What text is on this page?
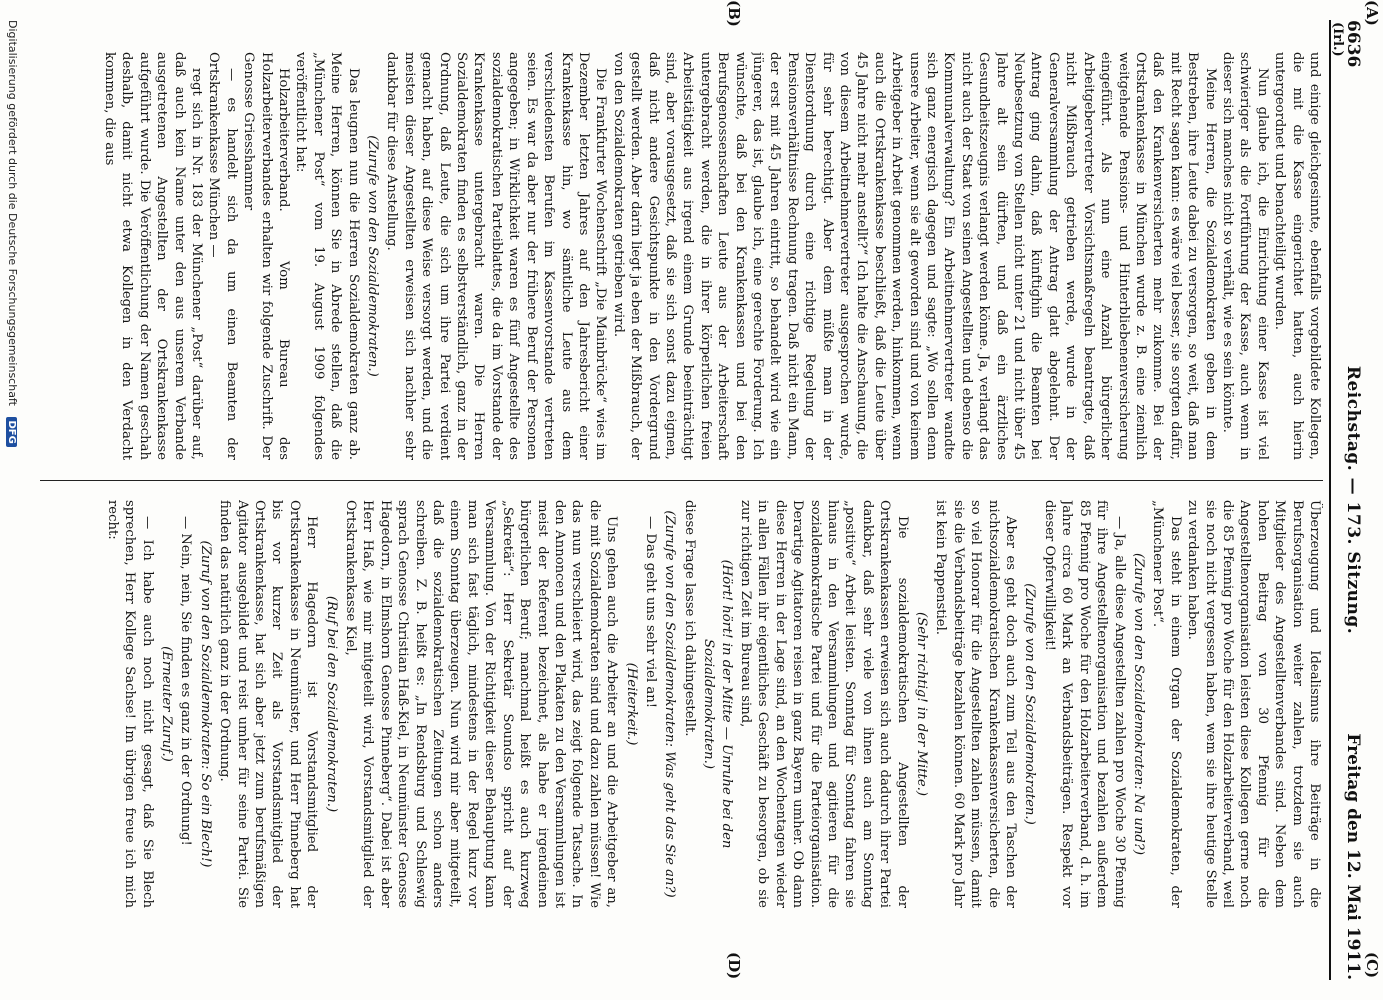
6636
Reichstag. — 173. Sitzung.
Freitag den 12. Mai 1911.
(A)
(Irl.)
(B)
(C)
(D)

und einige gleichgesinnte, ebenfalls vorgebildete Kollegen, die mit die Kasse eingerichtet hatten, auch hierin untergeordnet und benachteiligt wurden.

Nun glaube ich, die Einrichtung einer Kasse ist viel schwieriger als die Fortführung der Kasse, auch wenn in dieser sich manches nicht so verhält, wie es sein könnte.

Meine Herren, die Sozialdemokraten geben in dem Bestreben, ihre Leute dabei zu versorgen, so weit, daß man mit Recht sagen kann: es wäre viel besser, sie sorgten dafür, daß den Krankenversicherten mehr zukomme. Bei der Ortskrankenkasse in München wurde z. B. eine ziemlich weitgehende Pensions- und Hinterbliebenenversicherung eingeführt. Als nun eine Anzahl bürgerlicher Arbeitgebervertreter Vorsichtsmaßregeln beantragte, daß nicht Mißbrauch getrieben werde, wurde in der Generalversammlung der Antrag glatt abgelehnt. Der Antrag ging dahin, daß künftighin die Beamten bei Neubesetzung von Stellen nicht unter 21 und nicht über 45 Jahre alt sein dürften, und daß ein ärztliches Gesundheitszeugnis verlangt werden könne. Ja, verlangt das nicht auch der Staat von seinen Angestellten und ebenso die Kommunalverwaltung? Ein Arbeitnehmervertreter wandte sich ganz energisch dagegen und sagte: „Wo sollen denn unsere Arbeiter, wenn sie alt geworden sind und von keinem Arbeitgeber in Arbeit genommen werden, hinkommen, wenn auch die Ortskrankenkasse beschließt, daß die Leute über 45 Jahre nicht mehr anstellt?“ Ich halte die Anschauung, die von diesem Arbeitnehmervertreter ausgesprochen wurde, für sehr berechtigt. Aber dem müßte man in der Dienstordnung durch eine richtige Regelung der Pensionsverhältnisse Rechnung tragen. Daß nicht ein Mann, der erst mit 45 Jahren eintritt, so behandelt wird wie ein jüngerer, das ist, glaube ich, eine gerechte Forderung. Ich wünschte, daß bei den Krankenkassen und bei den Berufsgenossenschaften Leute aus der Arbeiterschaft untergebracht werden, die in ihrer körperlichen freien Arbeitstätigkeit aus irgend einem Grunde beeinträchtigt sind, aber vorausgesetzt, daß sie sich sonst dazu eignen, daß nicht andere Gesichtspunkte in den Vordergrund gestellt werden. Aber darin liegt ja eben der Mißbrauch, der von den Sozialdemokraten getrieben wird.

Die Frankfurter Wochenschrift „Die Mainbrücke“ wies im Dezember letzten Jahres auf den Jahresbericht einer Krankenkasse hin, wo sämtliche Leute aus dem verschiedensten Berufen im Kassenvorstande vertreten seien. Es war da aber nur der frühere Beruf der Personen angegeben; in Wirklichkeit waren es fünf Angestellte des sozialdemokratischen Parteiblattes, die da im Vorstande der Krankenkasse untergebracht waren. Die Herren Sozialdemokraten finden es selbstverständlich, ganz in der Ordnung, daß Leute, die sich um ihre Partei verdient gemacht haben, auf diese Weise versorgt werden, und die meisten dieser Angestellten erweisen sich nachher sehr dankbar für diese Anstellung.

(Zurufe von den Sozialdemokraten.)

Das leugnen nun die Herren Sozialdemokraten ganz ab. Meine Herren, können Sie in Abrede stellen, daß die „Münchener Post“ vom 19. August 1909 folgendes veröffentlicht hat:

Holzarbeiterverband. Vom Bureau des Holzarbeiterverbandes erhalten wir folgende Zuschrift. Der Genosse Griesshammer

— es handelt sich da um einen Beamten der Ortskrankenkasse München —

regt sich in Nr. 183 der Münchener „Post“ darüber auf, daß auch kein Name unter den aus unserem Verbande ausgetretenen Angestellten der Ortskrankenkasse aufgeführt wurde. Die Veröffentlichung der Namen geschah deshalb, damit nicht etwa Kollegen in den Verdacht kommen, die aus

Überzeugung und Idealismus ihre Beiträge in die Berufsorganisation weiter zahlen, trotzdem sie auch Mitglieder des Angestelltenverbandes sind. Neben dem hohen Beitrag von 30 Pfennig für die Angestelltenorganisation leisten diese Kollegen gerne noch die 85 Pfennig pro Woche für den Holzarbeiterverband, weil sie noch nicht vergessen haben, wem sie ihre heutige Stelle zu verdanken haben.

Das steht in einem Organ der Sozialdemokraten, der „Münchener Post“.

(Zurufe von den Sozialdemokraten: Na und?)

— Ja, alle diese Angestellten zahlen pro Woche 30 Pfennig für ihre Angestelltenorganisation und bezahlen außerdem 85 Pfennig pro Woche für den Holzarbeiterverband, d. h. im Jahre circa 60 Mark an Verbandsbeiträgen. Respekt vor dieser Opferwilligkeit!

(Zurufe von den Sozialdemokraten.)

Aber es geht doch auch zum Teil aus den Taschen der nichtsozialdemokratischen Krankenkassenversicherten, die so viel Honorar für die Angestellten zahlen müssen, damit sie die Verbandsbeiträge bezahlen können. 60 Mark pro Jahr ist kein Pappenstiel.

(Sehr richtig! in der Mitte.)

Die sozialdemokratischen Angestellten der Ortskrankenkassen erweisen sich auch dadurch ihrer Partei dankbar, daß sehr viele von ihnen auch am Sonntag „positive“ Arbeit leisten. Sonntag für Sonntag fahren sie hinaus in den Versammlungen und agitieren für die sozialdemokratische Partei und für die Parteiorganisation. Derartige Agitatoren reisen in ganz Bayern umher. Ob dann diese Herren in der Lage sind, an den Wochentagen wieder in allen Fällen ihr eigentliches Geschäft zu besorgen, ob sie zur richtigen Zeit im Bureau sind,

(Hört! hört! in der Mitte — Unruhe bei den Sozialdemokraten.)

diese Frage lasse ich dahingestellt.

(Zurufe von den Sozialdemokraten: Was geht das Sie an?)

— Das geht uns sehr viel an!

(Heiterkeit.)

Uns gehen auch die Arbeiter an und die Arbeitgeber an, die mit Sozialdemokraten sind und dazu zahlen müssen! Wie das nun verschleiert wird, das zeigt folgende Tatsache. In den Annoncen und den Plakaten zu den Versammlungen ist meist der Referent bezeichnet, als habe er irgendeinen bürgerlichen Beruf; manchmal heißt es auch kurzweg „Sekretär“: Herr Sekretär Soundso spricht auf der Versammlung. Von der Richtigkeit dieser Behauptung kann man sich fast täglich, mindestens in der Regel kurz vor einem Sonntag überzeugen. Nun wird mir aber mitgeteilt, daß die sozialdemokratischen Zeitungen schon anders schreiben. Z. B. heißt es: „In Rendsburg und Schleswig sprach Genosse Christian Haß-Kiel, in Neumünster Genosse Hagedorn, in Elmshorn Genosse Pinneberg“. Dabei ist aber Herr Haß, wie mir mitgeteilt wird, Vorstandsmitglied der Ortskrankenkasse Kiel,

(Ruf bei den Sozialdemokraten.)

Herr Hagedorn ist Vorstandsmitglied der Ortskrankenkasse in Neumünster, und Herr Pinneberg hat bis vor kurzer Zeit als Vorstandsmitglied der Ortskrankenkasse, hat sich aber jetzt zum berufsmäßigen Agitator ausgebildet und reist umher für seine Partei. Sie finden das natürlich ganz in der Ordnung.

(Zuruf von den Sozialdemokraten: So ein Blech!)

— Nein, nein, Sie finden es ganz in der Ordnung!

(Erneuter Zuruf.)

— Ich habe auch noch nicht gesagt, daß Sie Blech sprechen, Herr Kollege Sachse! Im übrigen freue ich mich recht:

Digitalisierung gefördert durch die Deutsche Forschungsgemeinschaft DFG
